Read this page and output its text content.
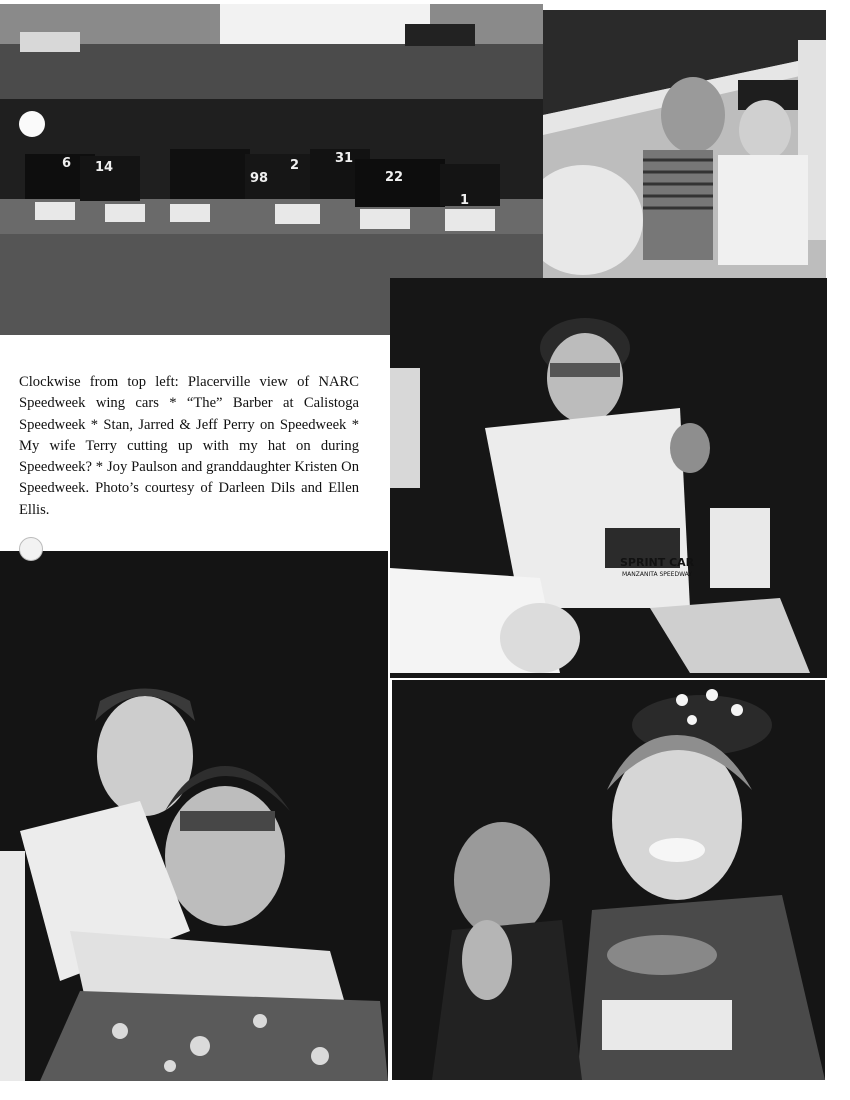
6 14
98
2	31
22
1
SPRINT CAR
MANZANITA SPEEDWAY
Clockwise from top left: Placerville view of NARC Speedweek wing cars * “The” Barber at Calistoga Speedweek * Stan, Jarred & Jeff Perry on Speedweek * My wife Terry cutting up with my hat on during Speedweek? * Joy Paulson and granddaughter Kristen On Speedweek. Photo’s courtesy of Darleen Dils and Ellen Ellis.
